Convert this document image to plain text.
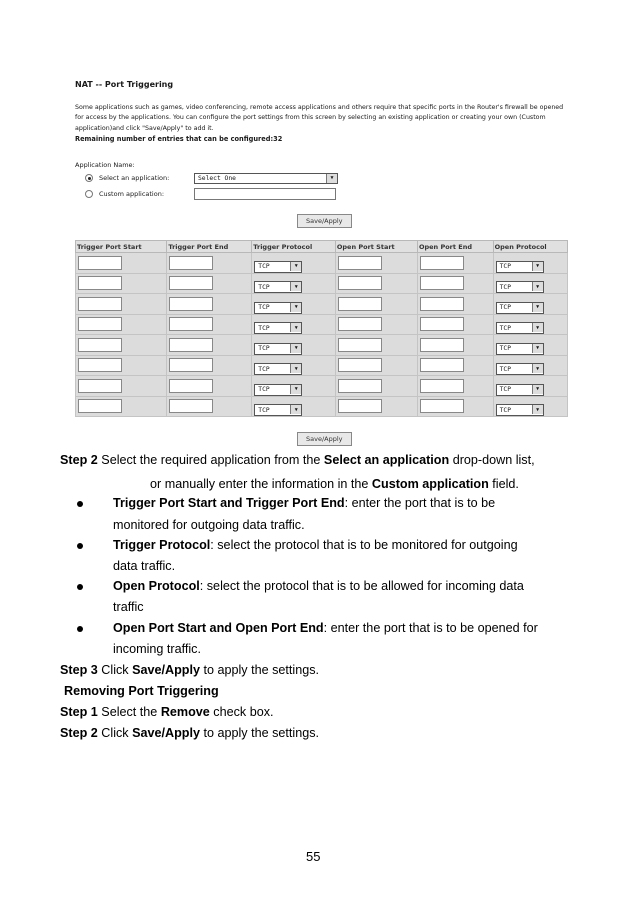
NAT -- Port Triggering
Some applications such as games, video conferencing, remote access applications and others require that specific ports in the Router's firewall be opened for access by the applications. You can configure the port settings from this screen by selecting an existing application or creating your own (Custom application)and click "Save/Apply" to add it.
Remaining number of entries that can be configured:32
Application Name:
Select an application:	Select One	▼
Custom application:
Save/Apply
Trigger Port Start	Trigger Port End	Trigger Protocol	Open Port Start	Open Port End	Open Protocol

		TCP ▼			TCP ▼

		TCP ▼			TCP ▼

		TCP ▼			TCP ▼

		TCP ▼			TCP ▼

		TCP ▼			TCP ▼

		TCP ▼			TCP ▼

		TCP ▼			TCP ▼

		TCP ▼			TCP ▼
Save/Apply
Step 2 Select the required application from the Select an application drop-down list,
or manually enter the information in the Custom application field.
Trigger Port Start and Trigger Port End: enter the port that is to be
monitored for outgoing data traffic.
Trigger Protocol: select the protocol that is to be monitored for outgoing
data traffic.
Open Protocol: select the protocol that is to be allowed for incoming data
traffic
Open Port Start and Open Port End: enter the port that is to be opened for
incoming traffic.
Step 3 Click Save/Apply to apply the settings.
Removing Port Triggering
Step 1 Select the Remove check box.
Step 2 Click Save/Apply to apply the settings.
55
